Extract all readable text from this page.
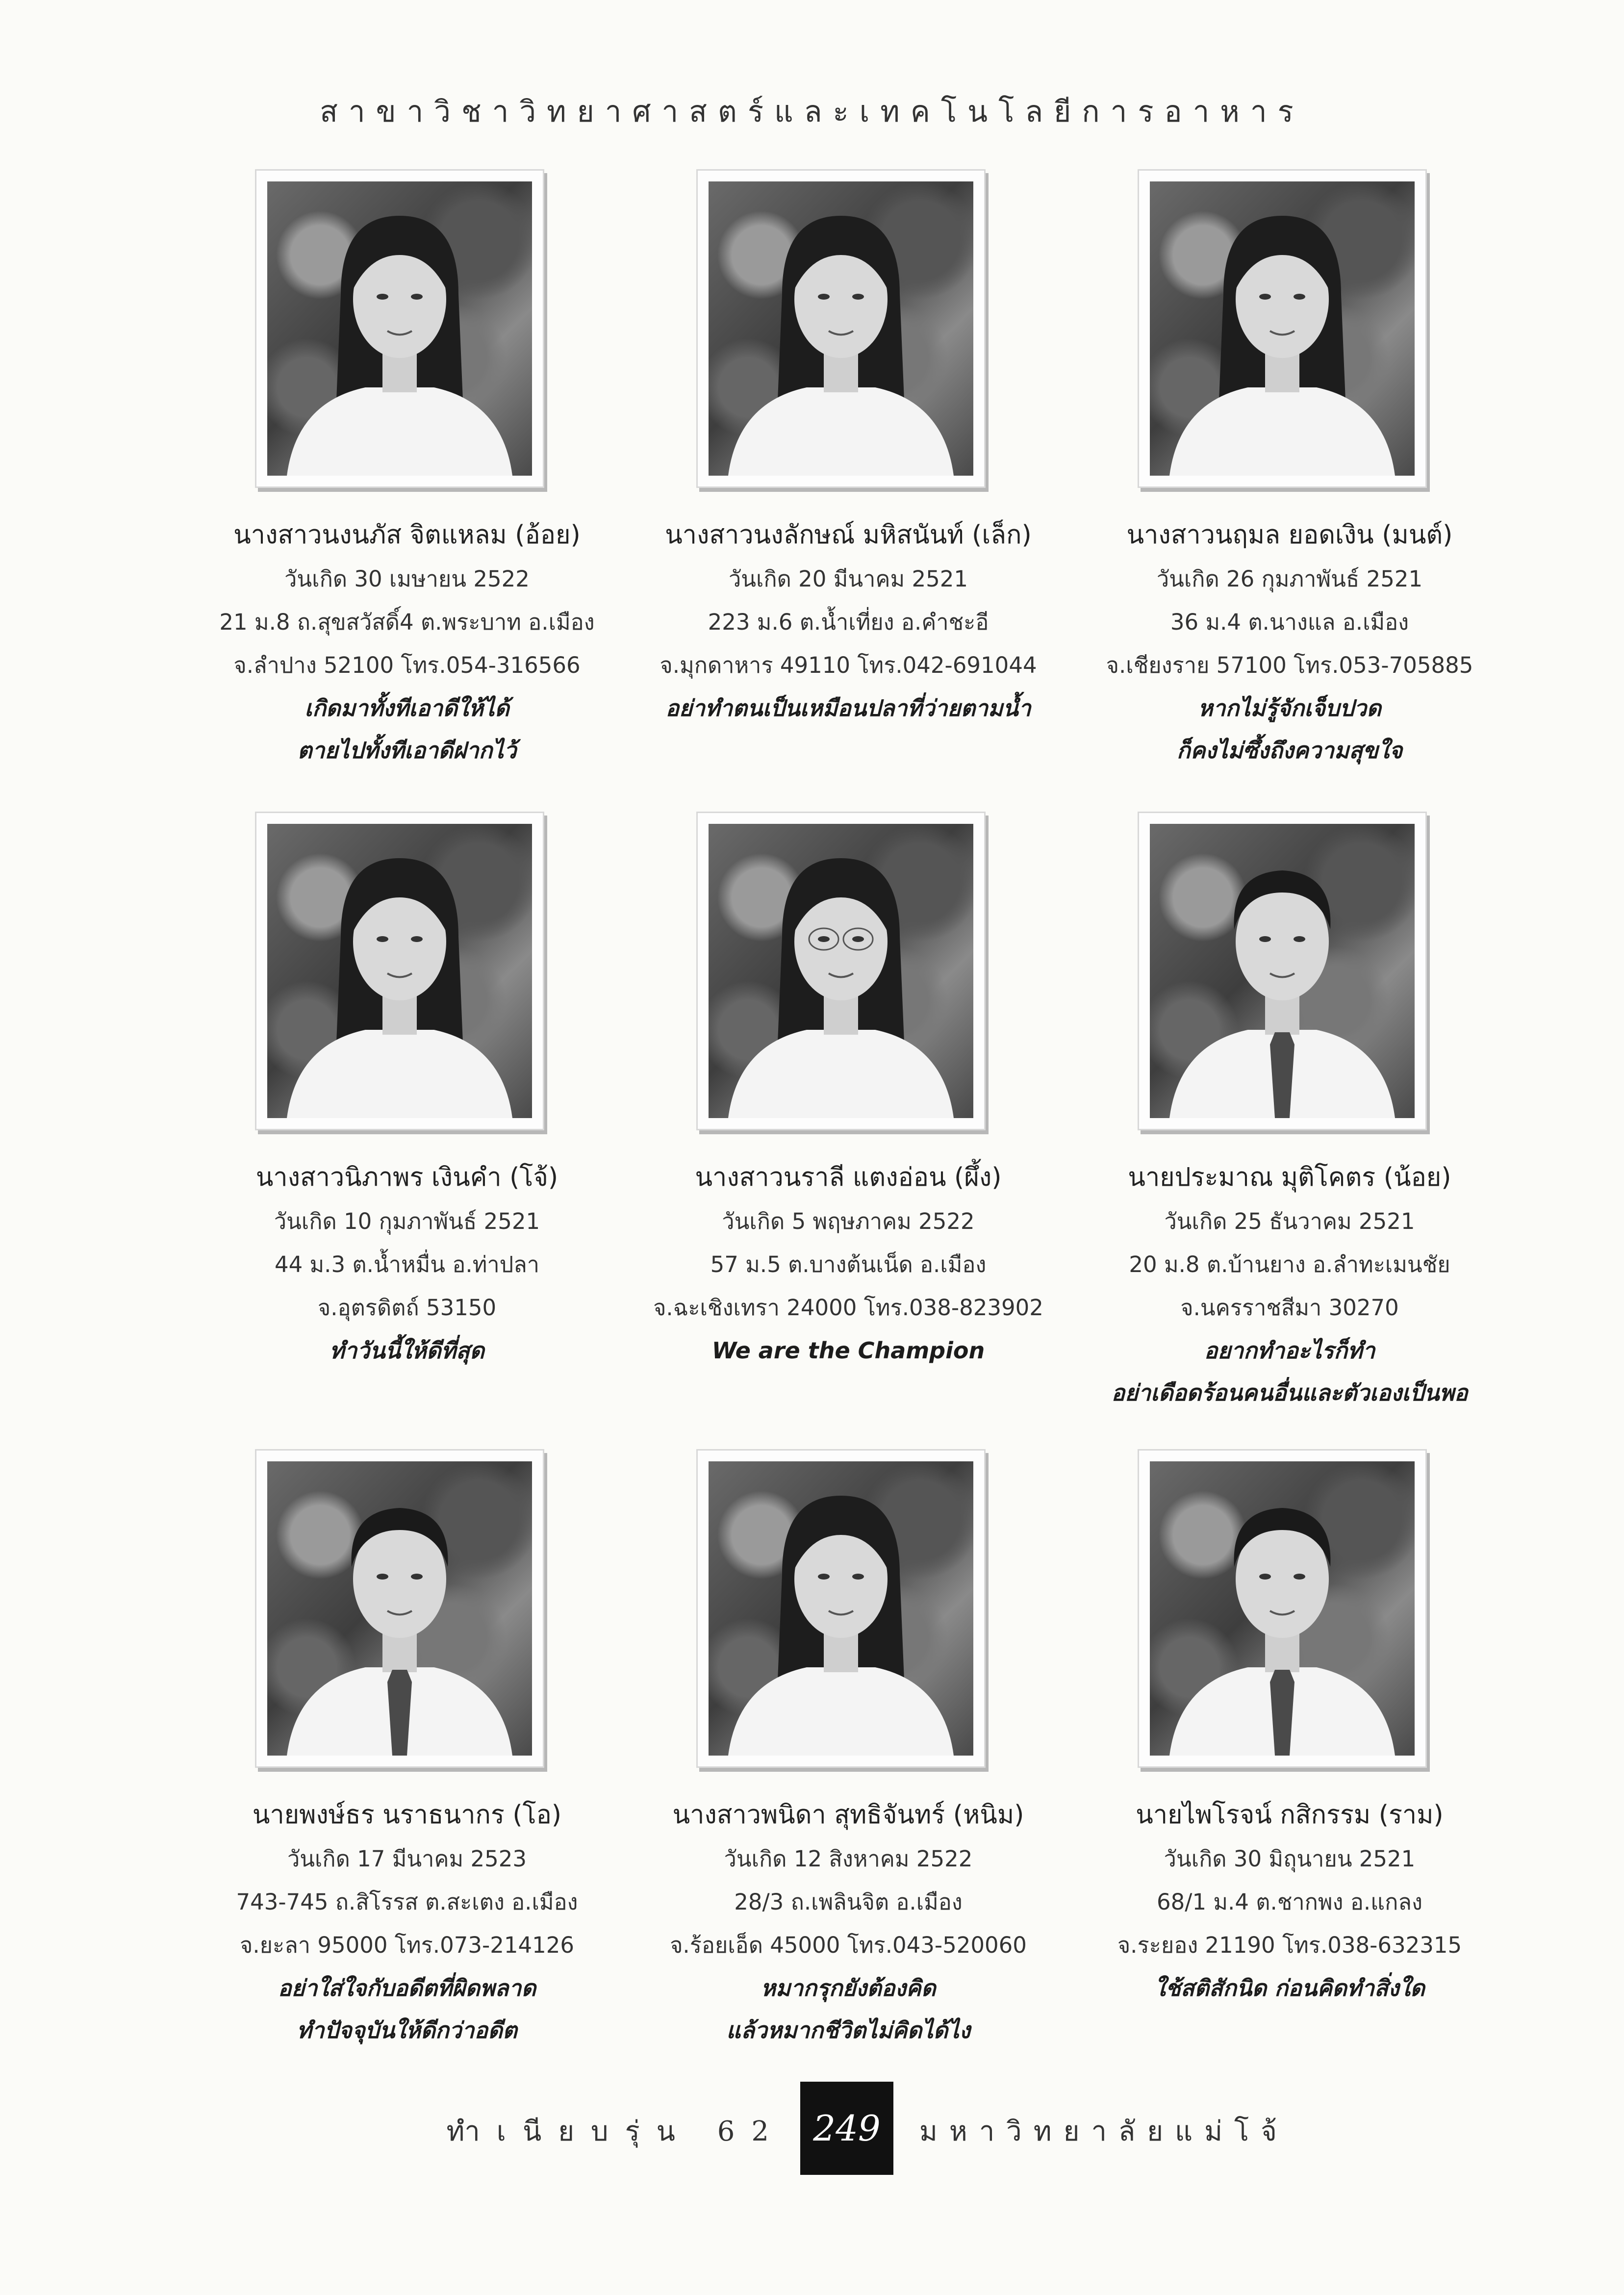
สาขาวิชาวิทยาศาสตร์และเทคโนโลยีการอาหาร
นางสาวนงนภัส จิตแหลม (อ้อย)
วันเกิด 30 เมษายน 2522
21 ม.8 ถ.สุขสวัสดิ์4 ต.พระบาท อ.เมือง
จ.ลำปาง 52100 โทร.054-316566
เกิดมาทั้งทีเอาดีให้ได้
ตายไปทั้งทีเอาดีฝากไว้
นางสาวนงลักษณ์ มหิสนันท์ (เล็ก)
วันเกิด 20 มีนาคม 2521
223 ม.6 ต.น้ำเที่ยง อ.คำชะอี
จ.มุกดาหาร 49110 โทร.042-691044
อย่าทำตนเป็นเหมือนปลาที่ว่ายตามน้ำ
นางสาวนฤมล ยอดเงิน (มนต์)
วันเกิด 26 กุมภาพันธ์ 2521
36 ม.4 ต.นางแล อ.เมือง
จ.เชียงราย 57100 โทร.053-705885
หากไม่รู้จักเจ็บปวด
ก็คงไม่ซึ้งถึงความสุขใจ
นางสาวนิภาพร เงินคำ (โจ้)
วันเกิด 10 กุมภาพันธ์ 2521
44 ม.3 ต.น้ำหมื่น อ.ท่าปลา
จ.อุตรดิตถ์ 53150
ทำวันนี้ให้ดีที่สุด
นางสาวนราลี แตงอ่อน (ผึ้ง)
วันเกิด 5 พฤษภาคม 2522
57 ม.5 ต.บางต้นเน็ด อ.เมือง
จ.ฉะเชิงเทรา 24000 โทร.038-823902
We are the Champion
นายประมาณ มุติโคตร (น้อย)
วันเกิด 25 ธันวาคม 2521
20 ม.8 ต.บ้านยาง อ.ลำทะเมนชัย
จ.นครราชสีมา 30270
อยากทำอะไรก็ทำ
อย่าเดือดร้อนคนอื่นและตัวเองเป็นพอ
นายพงษ์ธร นราธนากร (โอ)
วันเกิด 17 มีนาคม 2523
743-745 ถ.สิโรรส ต.สะเตง อ.เมือง
จ.ยะลา 95000 โทร.073-214126
อย่าใส่ใจกับอดีตที่ผิดพลาด
ทำปัจจุบันให้ดีกว่าอดีต
นางสาวพนิดา สุทธิจันทร์ (หนิม)
วันเกิด 12 สิงหาคม 2522
28/3 ถ.เพลินจิต อ.เมือง
จ.ร้อยเอ็ด 45000 โทร.043-520060
หมากรุกยังต้องคิด
แล้วหมากชีวิตไม่คิดได้ไง
นายไพโรจน์ กสิกรรม (ราม)
วันเกิด 30 มิถุนายน 2521
68/1 ม.4 ต.ชากพง อ.แกลง
จ.ระยอง 21190 โทร.038-632315
ใช้สติสักนิด ก่อนคิดทำสิ่งใด
ทำเนียบรุ่น 62 249	มหาวิทยาลัยแม่โจ้
